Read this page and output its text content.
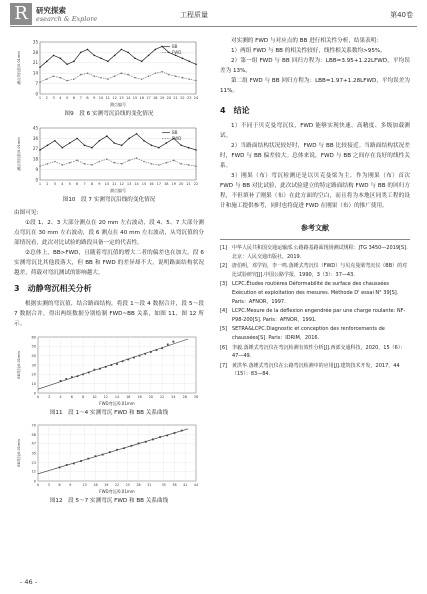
R	研究探索
esearch & Explore	工程质量	第40卷
0
7
14
21
28
35
1 2 3 4 5 6 7 8 9 10 11 12 13 14 15 16 17 18 19 20 21 22 23 24
BB
FWD
测点编号
测点弯沉值/0.01mm
图9　段 6 实测弯沉沿线的变化情况
0
9
18
27
36
45
1 2 3 4 5 6 7 8 9 10 11 12 13 14 15 16 17 18 19 20 21 22
BB
FWD
测点编号
测点弯沉值/0.01mm
图10　段 7 实测弯沉沿线的变化情况

由图可见:

①段 1、2、3 大部分测点在 20 mm 左右波动，段 4、5、7 大部分测点弯沉在 30 mm 左右波动，段 6 测点在 40 mm 左右波动，从弯沉值的分部情况看，此次对比试验的路段具备一定的代表性。

②总体上，BB>FWD，且随着弯沉值的增大二者的偏差也在加大。段 6 实测弯沉比其他段落大，但 BB 和 FWD 的差异却不大，说明路面结构状况越差，荷载对弯沉测试的影响越大。

3　动静弯沉相关分析

根据实测的弯沉值，结合路面结构，将段 1～段 4 数据合并，段 5～段 7 数据合并，得出两组数据分别绘制 FWD~BB 关系，如图 11、图 12 所示。

0	2	4	6	8 10 12 14 16 18 20 22 24 26 28
0
10
20
30
40
50
60
FWD弯沉/0.01mm
BB弯沉/0.01mm
图11　段 1～4 实测弯沉 FWD 和 BB 关系曲线
0	3	6	9	13 16 19 22 25 28 31	35 38 41 44
0
12
23
35
47
58
70
FWD弯沉/0.01mm
BB弯沉/0.01mm
图12　段 5～7 实测弯沉 FWD 和 BB 关系曲线

对实测的 FWD 与对应点的 BB 进行相关性分析，结果表明：

1）两组 FWD 与 BB 的相关性较好，线性相关系数均>95%。

2）第一组 FWD 与 BB 回归方程为：LBB=3.95+1.22LFWD，平均误差为 13%。

第二组 FWD 与 BB 回归方程为：LBB=1.97+1.28LFWD，平均误差为 11%。

4　结论

1）不同于贝克曼弯沉仪，FWD 能够实现快速、高精度、多级加载测试。

2）当路面结构状况较好时，FWD 与 BB 比较接近。当路面结构状况差时，FWD 与 BB 偏差较大。总体来说，FWD 与 BB 之间存在良好的线性关系。

3）刚果（布）弯沉检测还是以贝克曼梁为主，作为刚果（布）首次 FWD 与 BB 对比试验，此次试验建立的特定路面结构 FWD 与 BB 的回归方程，不但填补了刚果（布）在此方面的空白，而且将为本地区同类工程的设计和施工提供参考，同时也将促进 FWD 在刚果（布）的推广使用。

参考文献
[1] 中华人民共和国交通运输部.公路路基路面现场测试规程：JTG 3450—2019[S]. 北京：人民交通出版社，2019.
[2] 唐伯明，邓学钧，李一鸣.落锤式弯沉仪（FWD）与贝克曼梁弯沉仪（BB）的对比试验研究[J].中国公路学报，1990，3（3）：37—43.
[3] LCPC.Études routières Déformabilité de surface des chaussées Exécution et exploitation des mesures. Méthode D' essai N° 39[S]. Paris：AFNOR，1997.
[4] LCPC.Mesure de la déflexion engendrée par une charge roulante: NF-P98-200[S]. Paris：AFNOR，1991.
[5] SETRA&LCPC.Diagnostic et conception des renforcements de chaussées[S]. Paris：IDRIM，2016.
[6] 李毅.落锤式弯沉仪在弯沉检测有效性分析[J].西部交通科技，2020，15（6）：47—49.
[7] 黄洪华.落锤式弯沉仪在公路弯沉检测中的应用[J].建筑技术开发，2017，44（15）：83—84.
- 46 -
